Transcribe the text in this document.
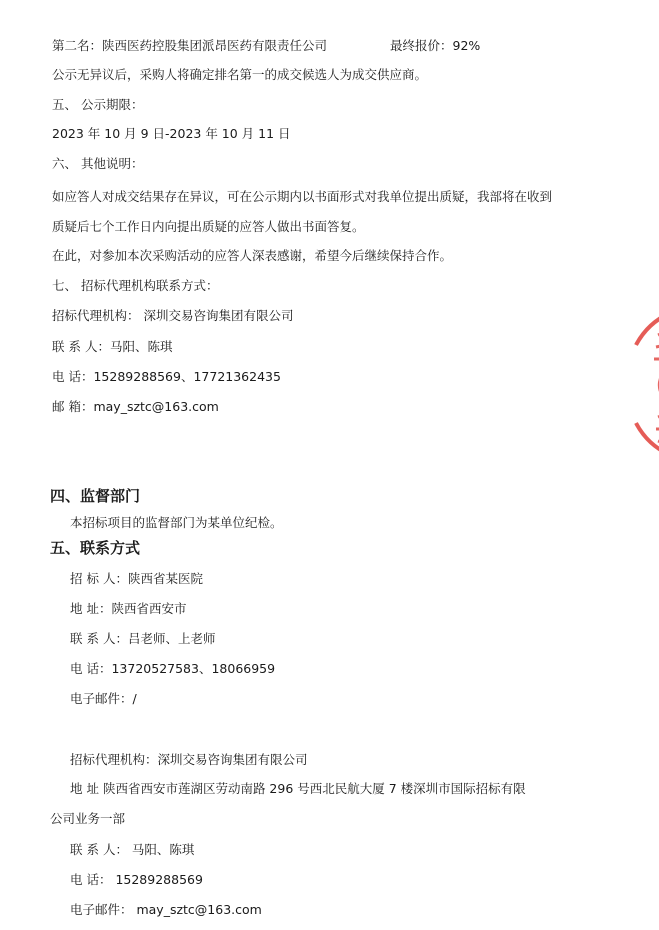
第二名：陕西医药控股集团派昂医药有限责任公司	最终报价：92%
公示无异议后，采购人将确定排名第一的成交候选人为成交供应商。
五、 公示期限：
2023 年 10 月 9 日-2023 年 10 月 11 日
六、 其他说明：
如应答人对成交结果存在异议，可在公示期内以书面形式对我单位提出质疑，我部将在收到
质疑后七个工作日内向提出质疑的应答人做出书面答复。
在此，对参加本次采购活动的应答人深表感谢，希望今后继续保持合作。
七、 招标代理机构联系方式：
招标代理机构： 深圳交易咨询集团有限公司
联 系 人：马阳、陈琪
电 话：15289288569、17721362435
邮 箱：may_sztc@163.com
四、监督部门
本招标项目的监督部门为某单位纪检。
五、联系方式
招 标 人：陕西省某医院
地 址：陕西省西安市
联 系 人：吕老师、上老师
电 话：13720527583、18066959
电子邮件：/
招标代理机构：深圳交易咨询集团有限公司
地 址 陕西省西安市莲湖区劳动南路 296 号西北民航大厦 7 楼深圳市国际招标有限
公司业务一部
联 系 人： 马阳、陈琪
电 话： 15289288569
电子邮件： may_sztc@163.com
